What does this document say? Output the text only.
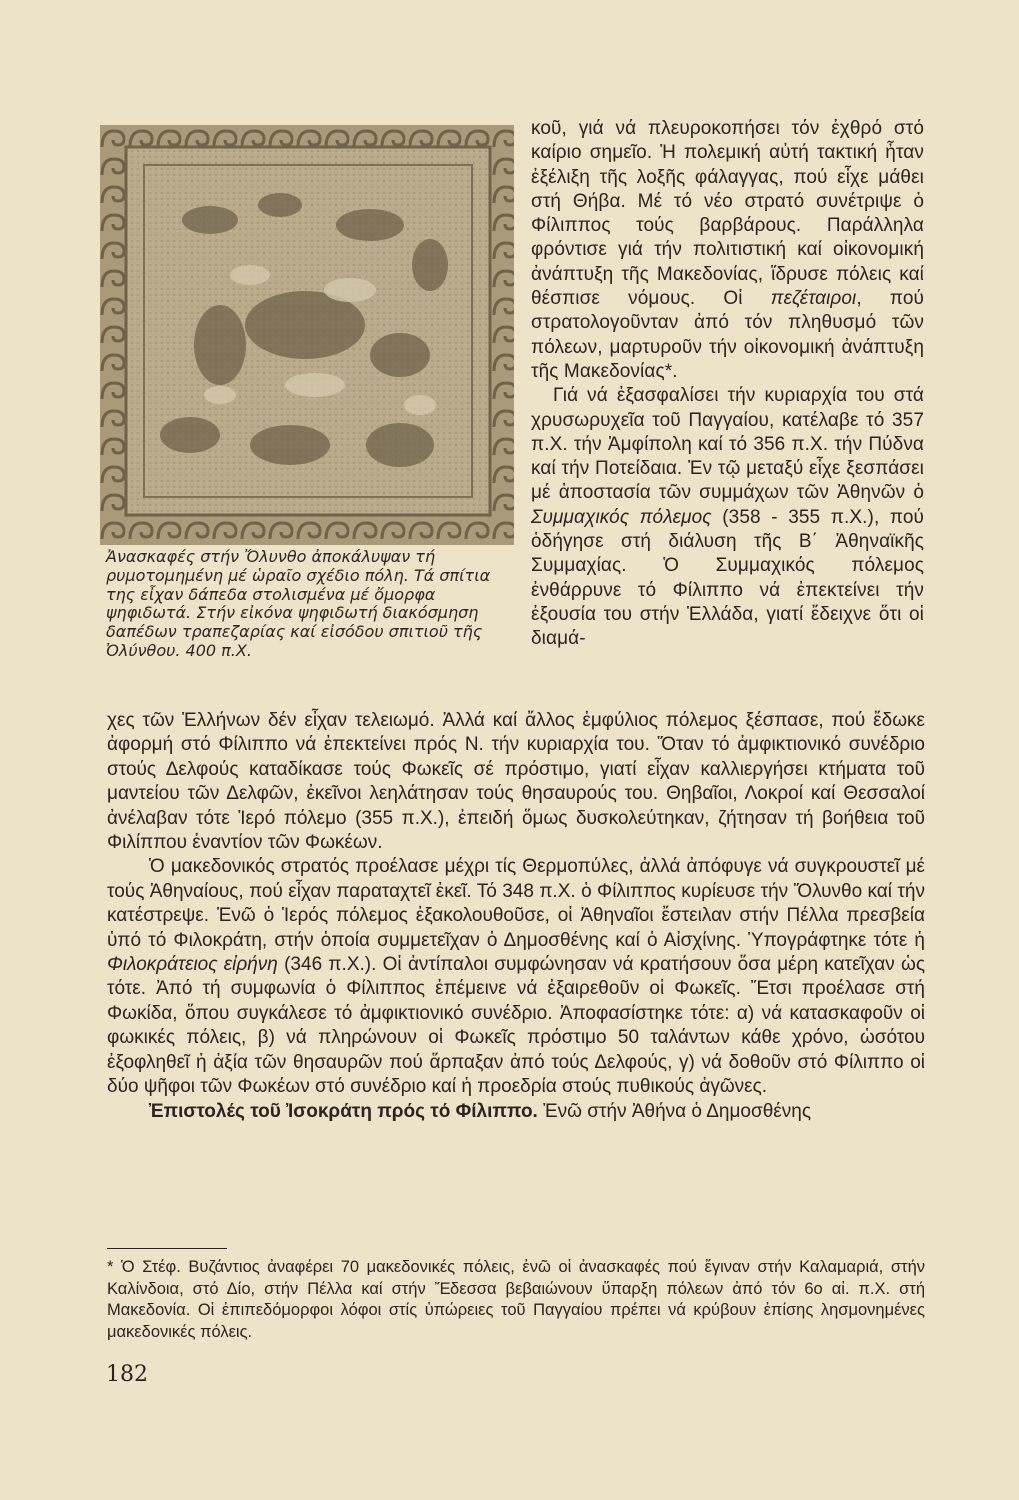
Ἀνασκαφές στήν Ὄλυνθο ἀποκάλυψαν τή ρυμοτομημένη μέ ὡραῖο σχέδιο πόλη. Τά σπίτια της εἶχαν δάπεδα στολισμένα μέ ὄμορφα ψηφιδωτά. Στήν εἰκόνα ψηφιδωτή διακόσμηση δαπέδων τραπεζαρίας καί εἰσόδου σπιτιοῦ τῆς Ὀλύνθου. 400 π.Χ.

κοῦ, γιά νά πλευροκοπήσει τόν ἐχθρό στό καίριο σημεῖο. Ἡ πολεμική αὐτή τακτική ἦταν ἐξέλιξη τῆς λοξῆς φάλαγγας, πού εἶχε μάθει στή Θήβα. Μέ τό νέο στρατό συνέτριψε ὁ Φίλιππος τούς βαρβάρους. Παράλληλα φρόντισε γιά τήν πολιτιστική καί οἰκονομική ἀνάπτυξη τῆς Μακεδονίας, ἵδρυσε πόλεις καί θέσπισε νόμους. Οἱ πεζέταιροι, πού στρατολογοῦνταν ἀπό τόν πληθυσμό τῶν πόλεων, μαρτυροῦν τήν οἰκονομική ἀνάπτυξη τῆς Μακεδονίας*.

Γιά νά ἐξασφαλίσει τήν κυριαρχία του στά χρυσωρυχεῖα τοῦ Παγγαίου, κατέλαβε τό 357 π.Χ. τήν Ἀμφίπολη καί τό 356 π.Χ. τήν Πύδνα καί τήν Ποτείδαια. Ἐν τῷ μεταξύ εἶχε ξεσπάσει μέ ἀποστασία τῶν συμμάχων τῶν Ἀθηνῶν ὁ Συμμαχικός πόλεμος (358 - 355 π.Χ.), πού ὁδήγησε στή διάλυση τῆς Β΄ Ἀθηναϊκῆς Συμμαχίας. Ὁ Συμμαχικός πόλεμος ἐνθάρρυνε τό Φίλιππο νά ἐπεκτείνει τήν ἐξουσία του στήν Ἑλλάδα, γιατί ἔδειχνε ὅτι οἱ διαμά-

χες τῶν Ἑλλήνων δέν εἶχαν τελειωμό. Ἀλλά καί ἄλλος ἐμφύλιος πόλεμος ξέσπασε, πού ἔδωκε ἀφορμή στό Φίλιππο νά ἐπεκτείνει πρός Ν. τήν κυριαρχία του. Ὅταν τό ἀμφικτιονικό συνέδριο στούς Δελφούς καταδίκασε τούς Φωκεῖς σέ πρόστιμο, γιατί εἶχαν καλλιεργήσει κτήματα τοῦ μαντείου τῶν Δελφῶν, ἐκεῖνοι λεηλάτησαν τούς θησαυρούς του. Θηβαῖοι, Λοκροί καί Θεσσαλοί ἀνέλαβαν τότε Ἱερό πόλεμο (355 π.Χ.), ἐπειδή ὅμως δυσκολεύτηκαν, ζήτησαν τή βοήθεια τοῦ Φιλίππου ἐναντίον τῶν Φωκέων.

Ὁ μακεδονικός στρατός προέλασε μέχρι τίς Θερμοπύλες, ἀλλά ἀπόφυγε νά συγκρουστεῖ μέ τούς Ἀθηναίους, πού εἶχαν παραταχτεῖ ἐκεῖ. Τό 348 π.Χ. ὁ Φίλιππος κυρίευσε τήν Ὄλυνθο καί τήν κατέστρεψε. Ἐνῶ ὁ Ἱερός πόλεμος ἐξακολουθοῦσε, οἱ Ἀθηναῖοι ἔστειλαν στήν Πέλλα πρεσβεία ὑπό τό Φιλοκράτη, στήν ὁποία συμμετεῖχαν ὁ Δημοσθένης καί ὁ Αἰσχίνης. Ὑπογράφτηκε τότε ἡ Φιλοκράτειος εἰρήνη (346 π.Χ.). Οἱ ἀντίπαλοι συμφώνησαν νά κρατήσουν ὅσα μέρη κατεῖχαν ὡς τότε. Ἀπό τή συμφωνία ὁ Φίλιππος ἐπέμεινε νά ἐξαιρεθοῦν οἱ Φωκεῖς. Ἔτσι προέλασε στή Φωκίδα, ὅπου συγκάλεσε τό ἀμφικτιονικό συνέδριο. Ἀποφασίστηκε τότε: α) νά κατασκαφοῦν οἱ φωκικές πόλεις, β) νά πληρώνουν οἱ Φωκεῖς πρόστιμο 50 ταλάντων κάθε χρόνο, ὡσότου ἐξοφληθεῖ ἡ ἀξία τῶν θησαυρῶν πού ἅρπαξαν ἀπό τούς Δελφούς, γ) νά δοθοῦν στό Φίλιππο οἱ δύο ψῆφοι τῶν Φωκέων στό συνέδριο καί ἡ προεδρία στούς πυθικούς ἀγῶνες.

Ἐπιστολές τοῦ Ἰσοκράτη πρός τό Φίλιππο. Ἐνῶ στήν Ἀθήνα ὁ Δημοσθένης

* Ὁ Στέφ. Βυζάντιος ἀναφέρει 70 μακεδονικές πόλεις, ἐνῶ οἱ ἀνασκαφές πού ἔγιναν στήν Καλαμαριά, στήν Καλίνδοια, στό Δίο, στήν Πέλλα καί στήν Ἔδεσσα βεβαιώνουν ὕπαρξη πόλεων ἀπό τόν 6ο αἰ. π.Χ. στή Μακεδονία. Οἱ ἐπιπεδόμορφοι λόφοι στίς ὑπώρειες τοῦ Παγγαίου πρέπει νά κρύβουν ἐπίσης λησμονημένες μακεδονικές πόλεις.

182
